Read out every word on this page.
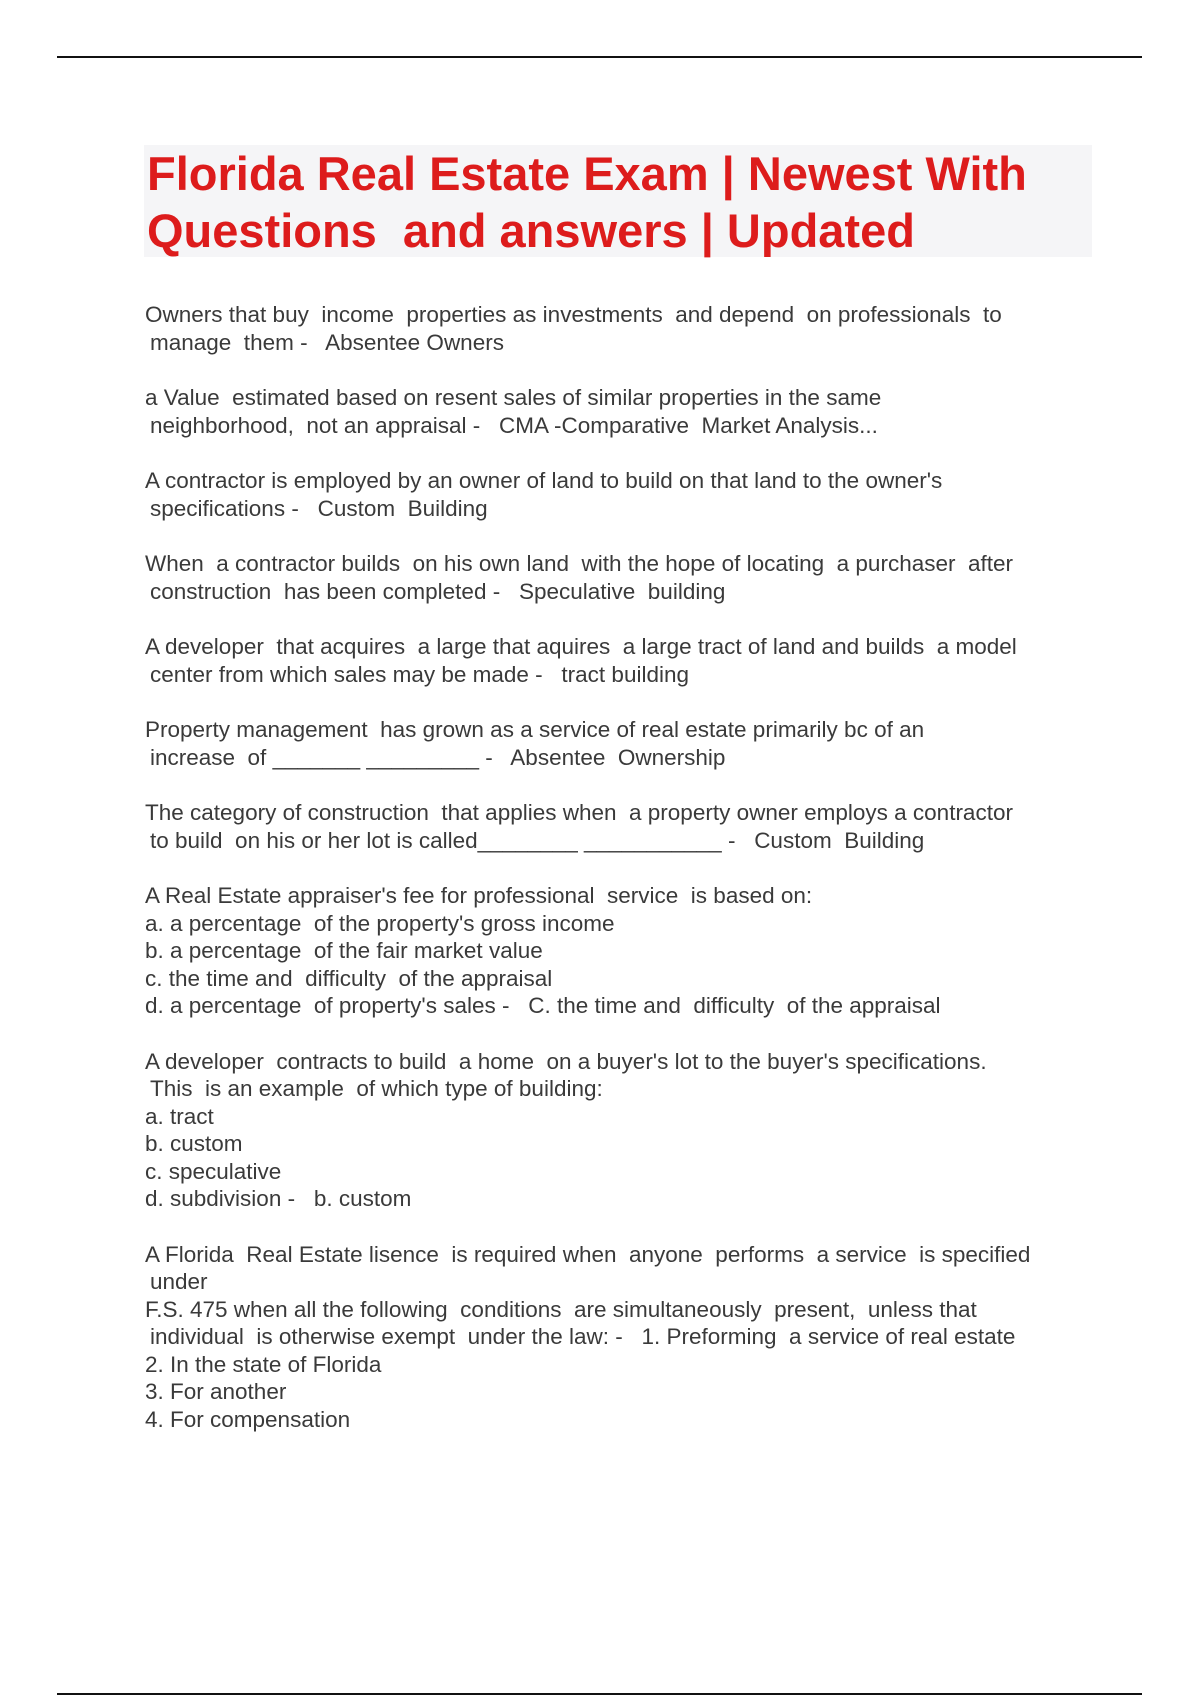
Florida Real Estate Exam | Newest With
Questions  and answers | Updated
Owners that buy  income  properties as investments  and depend  on professionals  to
manage  them -   Absentee Owners
a Value  estimated based on resent sales of similar properties in the same
neighborhood,  not an appraisal -   CMA -Comparative  Market Analysis...
A contractor is employed by an owner of land to build on that land to the owner's
specifications -   Custom  Building
When  a contractor builds  on his own land  with the hope of locating  a purchaser  after
construction  has been completed -   Speculative  building
A developer  that acquires  a large that aquires  a large tract of land and builds  a model
center from which sales may be made -   tract building
Property management  has grown as a service of real estate primarily bc of an
increase  of _______ _________ -   Absentee  Ownership
The category of construction  that applies when  a property owner employs a contractor
to build  on his or her lot is called________ ___________ -   Custom  Building
A Real Estate appraiser's fee for professional  service  is based on:
a. a percentage  of the property's gross income
b. a percentage  of the fair market value
c. the time and  difficulty  of the appraisal
d. a percentage  of property's sales -   C. the time and  difficulty  of the appraisal
A developer  contracts to build  a home  on a buyer's lot to the buyer's specifications.
This  is an example  of which type of building:
a. tract
b. custom
c. speculative
d. subdivision -   b. custom
A Florida  Real Estate lisence  is required when  anyone  performs  a service  is specified
under
F.S. 475 when all the following  conditions  are simultaneously  present,  unless that
individual  is otherwise exempt  under the law: -   1. Preforming  a service of real estate
2. In the state of Florida
3. For another
4. For compensation
